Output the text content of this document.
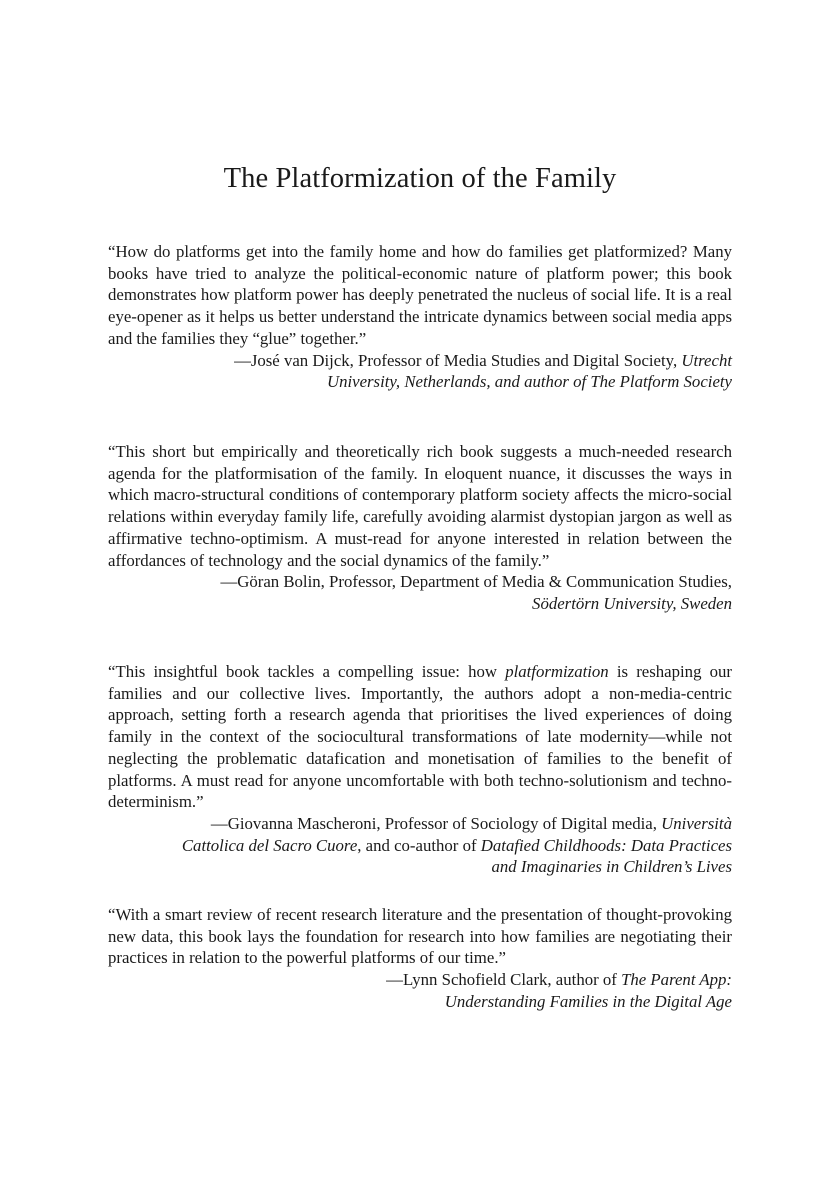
The Platformization of the Family

“How do platforms get into the family home and how do families get platformized? Many books have tried to analyze the political-economic nature of platform power; this book demonstrates how platform power has deeply penetrated the nucleus of social life. It is a real eye-opener as it helps us better understand the intricate dynamics between social media apps and the families they “glue” together.”

—José van Dijck, Professor of Media Studies and Digital Society, Utrecht
University, Netherlands, and author of The Platform Society

“This short but empirically and theoretically rich book suggests a much-needed research agenda for the platformisation of the family. In eloquent nuance, it discusses the ways in which macro-structural conditions of contemporary platform society affects the micro-social relations within everyday family life, carefully avoiding alarmist dystopian jargon as well as affirmative techno-optimism. A must-read for anyone interested in relation between the affordances of technology and the social dynamics of the family.”

—Göran Bolin, Professor, Department of Media & Communication Studies,
Södertörn University, Sweden

“This insightful book tackles a compelling issue: how platformization is reshaping our families and our collective lives. Importantly, the authors adopt a non-media-centric approach, setting forth a research agenda that prioritises the lived experiences of doing family in the context of the sociocultural transformations of late modernity—while not neglecting the problematic datafication and monetisation of families to the benefit of platforms. A must read for anyone uncomfortable with both techno-solutionism and techno-determinism.”

—Giovanna Mascheroni, Professor of Sociology of Digital media, Università
Cattolica del Sacro Cuore, and co-author of Datafied Childhoods: Data Practices
and Imaginaries in Children’s Lives

“With a smart review of recent research literature and the presentation of thought-provoking new data, this book lays the foundation for research into how families are negotiating their practices in relation to the powerful platforms of our time.”

—Lynn Schofield Clark, author of The Parent App:
Understanding Families in the Digital Age
